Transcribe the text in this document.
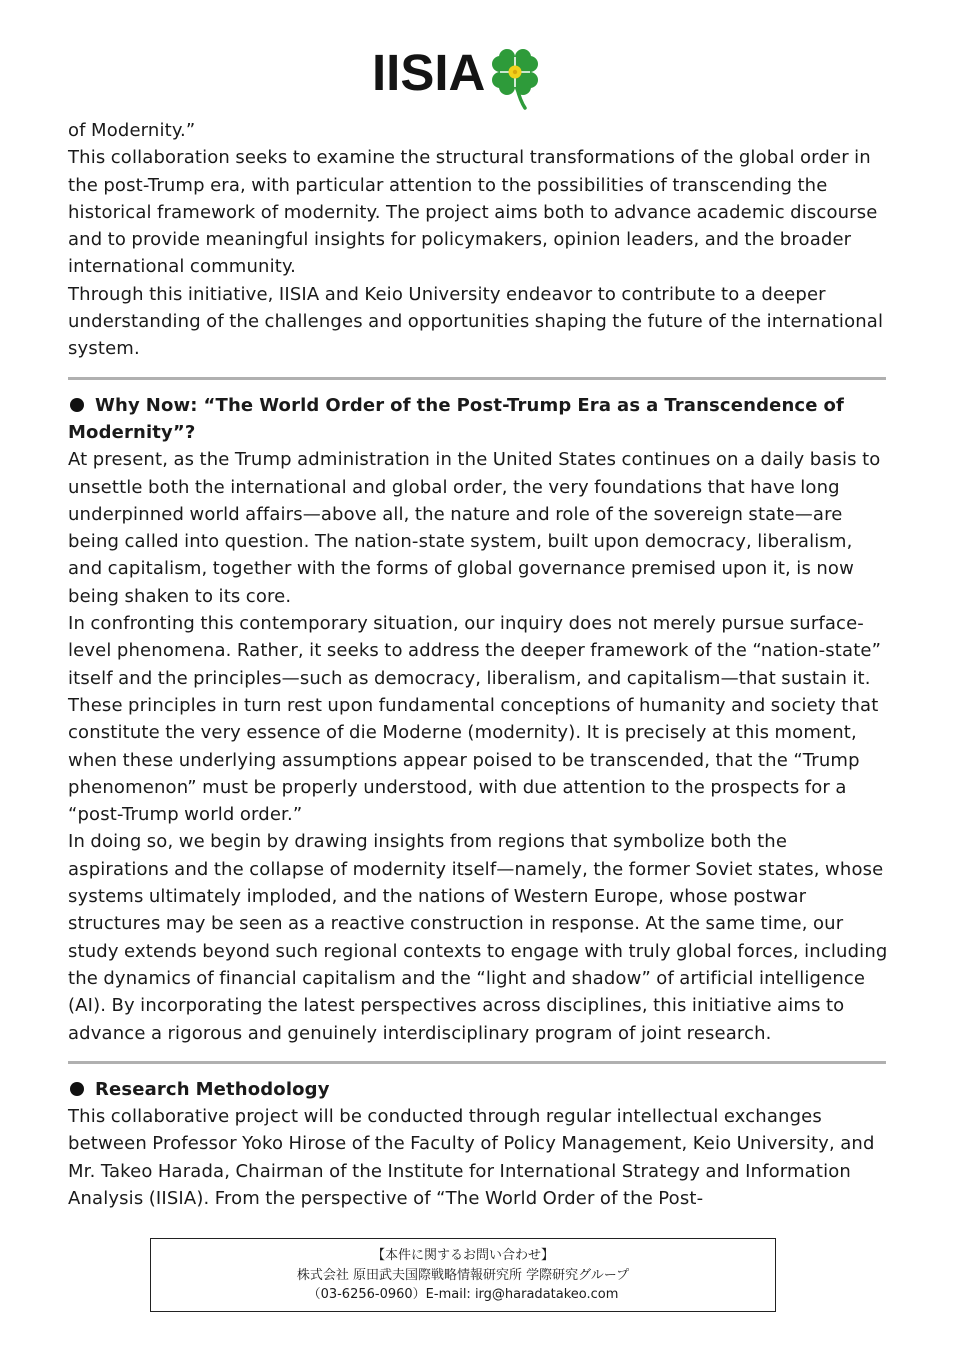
IISIA

of Modernity.”

This collaboration seeks to examine the structural transformations of the global order in the post-Trump era, with particular attention to the possibilities of transcending the historical framework of modernity. The project aims both to advance academic discourse and to provide meaningful insights for policymakers, opinion leaders, and the broader international community.

Through this initiative, IISIA and Keio University endeavor to contribute to a deeper understanding of the challenges and opportunities shaping the future of the international system.

Why Now: “The World Order of the Post-Trump Era as a Transcendence of Modernity”?

At present, as the Trump administration in the United States continues on a daily basis to unsettle both the international and global order, the very foundations that have long underpinned world affairs—above all, the nature and role of the sovereign state—are being called into question. The nation-state system, built upon democracy, liberalism, and capitalism, together with the forms of global governance premised upon it, is now being shaken to its core.

In confronting this contemporary situation, our inquiry does not merely pursue surface-level phenomena. Rather, it seeks to address the deeper framework of the “nation-state” itself and the principles—such as democracy, liberalism, and capitalism—that sustain it. These principles in turn rest upon fundamental conceptions of humanity and society that constitute the very essence of die Moderne (modernity). It is precisely at this moment, when these underlying assumptions appear poised to be transcended, that the “Trump phenomenon” must be properly understood, with due attention to the prospects for a “post-Trump world order.”

In doing so, we begin by drawing insights from regions that symbolize both the aspirations and the collapse of modernity itself—namely, the former Soviet states, whose systems ultimately imploded, and the nations of Western Europe, whose postwar structures may be seen as a reactive construction in response. At the same time, our study extends beyond such regional contexts to engage with truly global forces, including the dynamics of financial capitalism and the “light and shadow” of artificial intelligence (AI). By incorporating the latest perspectives across disciplines, this initiative aims to advance a rigorous and genuinely interdisciplinary program of joint research.

Research Methodology

This collaborative project will be conducted through regular intellectual exchanges between Professor Yoko Hirose of the Faculty of Policy Management, Keio University, and Mr. Takeo Harada, Chairman of the Institute for International Strategy and Information Analysis (IISIA). From the perspective of “The World Order of the Post-

【本件に関するお問い合わせ】
株式会社 原田武夫国際戦略情報研究所 学際研究グループ
（03-6256-0960）E-mail: irg@haradatakeo.com
